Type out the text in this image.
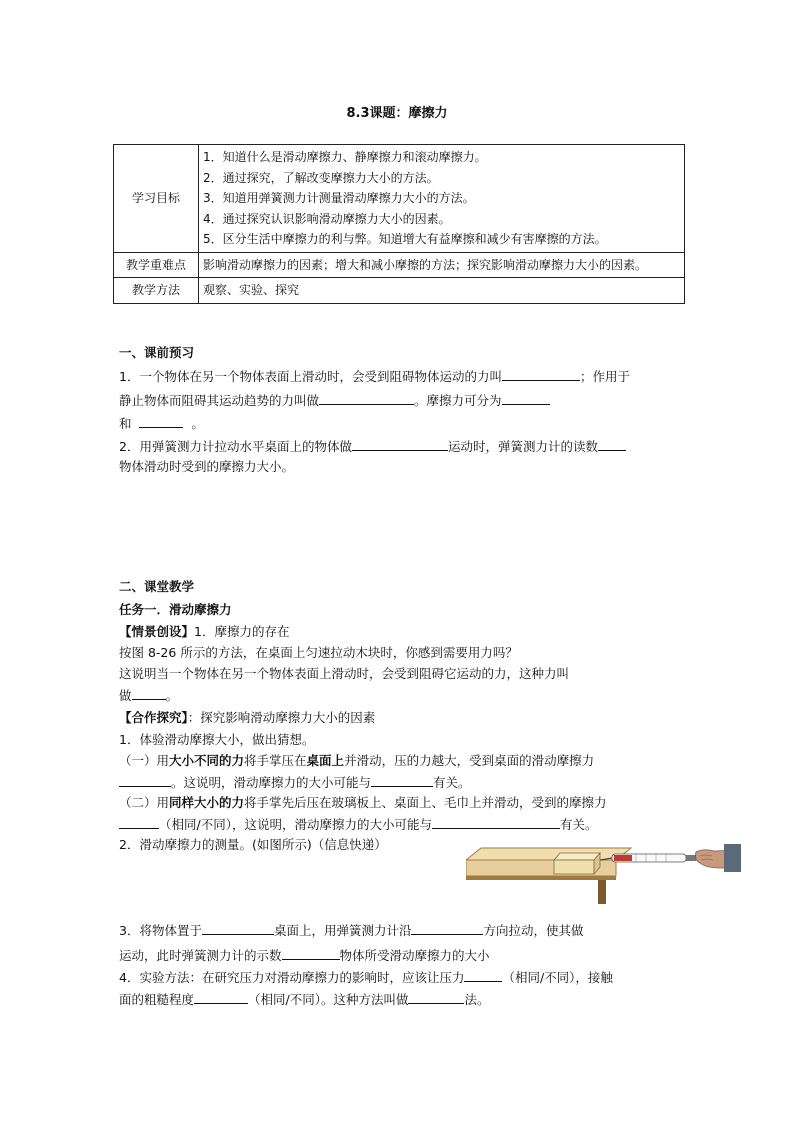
8.3课题：摩擦力
学习目标	1．知道什么是滑动摩擦力、静摩擦力和滚动摩擦力。
2．通过探究，了解改变摩擦力大小的方法。
3．知道用弹簧测力计测量滑动摩擦力大小的方法。
4．通过探究认识影响滑动摩擦力大小的因素。
5．区分生活中摩擦力的利与弊。知道增大有益摩擦和减少有害摩擦的方法。

教学重难点	影响滑动摩擦力的因素；增大和减小摩擦的方法；探究影响滑动摩擦力大小的因素。
教学方法	观察、实验、探究
一、课前预习
1．一个物体在另一个物体表面上滑动时，会受到阻碍物体运动的力叫	；作用于
静止物体而阻碍其运动趋势的力叫做	。摩擦力可分为
和	。
2．用弹簧测力计拉动水平桌面上的物体做	运动时，弹簧测力计的读数
物体滑动时受到的摩擦力大小。
二、课堂教学
任务一．滑动摩擦力
【情景创设】1．摩擦力的存在
按图 8-26 所示的方法，在桌面上匀速拉动木块时，你感到需要用力吗？
这说明当一个物体在另一个物体表面上滑动时，会受到阻碍它运动的力，这种力叫
做	。
【合作探究】：探究影响滑动摩擦力大小的因素
1．体验滑动摩擦大小，做出猜想。
（一）用大小不同的力将手掌压在桌面上并滑动，压的力越大，受到桌面的滑动摩擦力
。这说明，滑动摩擦力的大小可能与	有关。
（二）用同样大小的力将手掌先后压在玻璃板上、桌面上、毛巾上并滑动，受到的摩擦力
（相同/不同），这说明，滑动摩擦力的大小可能与	有关。
2．滑动摩擦力的测量。(如图所示)（信息快递）
3．将物体置于	桌面上，用弹簧测力计沿	方向拉动，使其做
运动，此时弹簧测力计的示数	物体所受滑动摩擦力的大小
4．实验方法：在研究压力对滑动摩擦力的影响时，应该让压力	（相同/不同），接触
面的粗糙程度	（相同/不同）。这种方法叫做	法。
